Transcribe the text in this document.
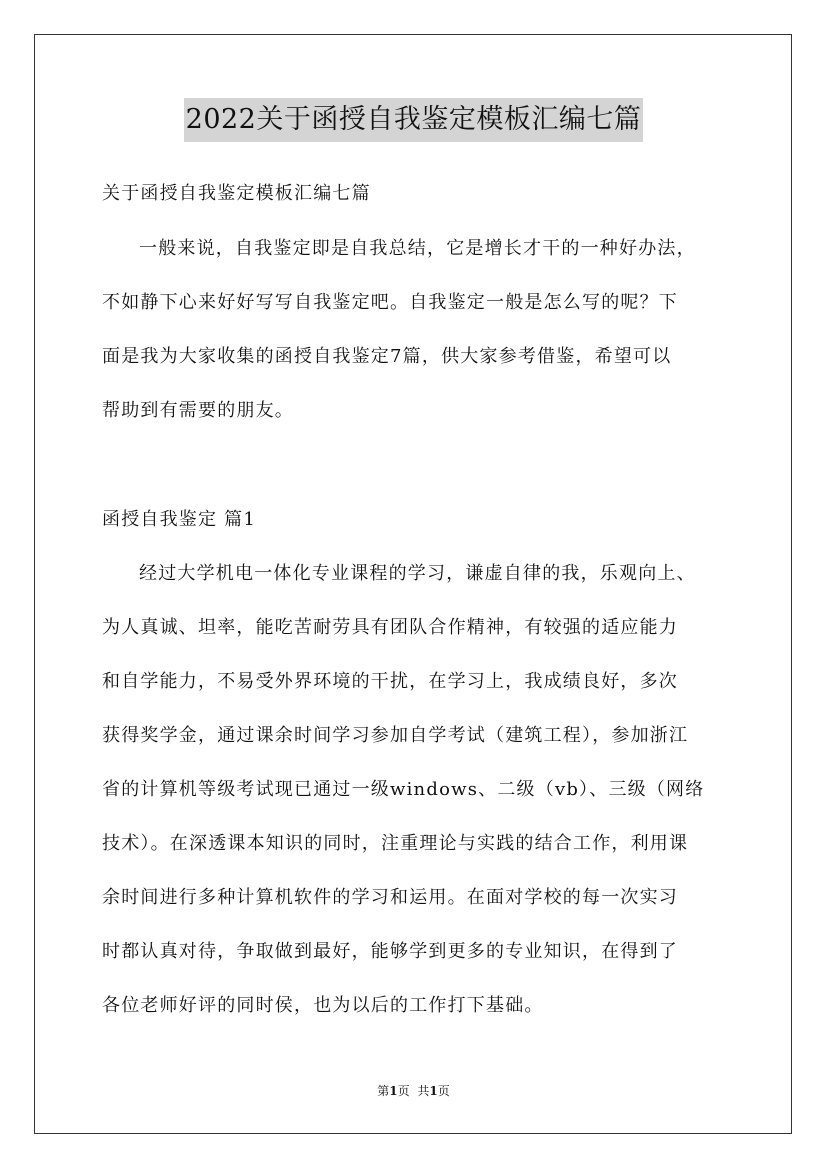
2022关于函授自我鉴定模板汇编七篇
关于函授自我鉴定模板汇编七篇
一般来说，自我鉴定即是自我总结，它是增长才干的一种好办法，
不如静下心来好好写写自我鉴定吧。自我鉴定一般是怎么写的呢？下
面是我为大家收集的函授自我鉴定7篇，供大家参考借鉴，希望可以
帮助到有需要的朋友。
函授自我鉴定 篇1
经过大学机电一体化专业课程的学习，谦虚自律的我，乐观向上、
为人真诚、坦率，能吃苦耐劳具有团队合作精神，有较强的适应能力
和自学能力，不易受外界环境的干扰，在学习上，我成绩良好，多次
获得奖学金，通过课余时间学习参加自学考试（建筑工程），参加浙江
省的计算机等级考试现已通过一级windows、二级（vb）、三级（网络
技术）。在深透课本知识的同时，注重理论与实践的结合工作，利用课
余时间进行多种计算机软件的学习和运用。在面对学校的每一次实习
时都认真对待，争取做到最好，能够学到更多的专业知识，在得到了
各位老师好评的同时侯，也为以后的工作打下基础。
第1页 共1页
